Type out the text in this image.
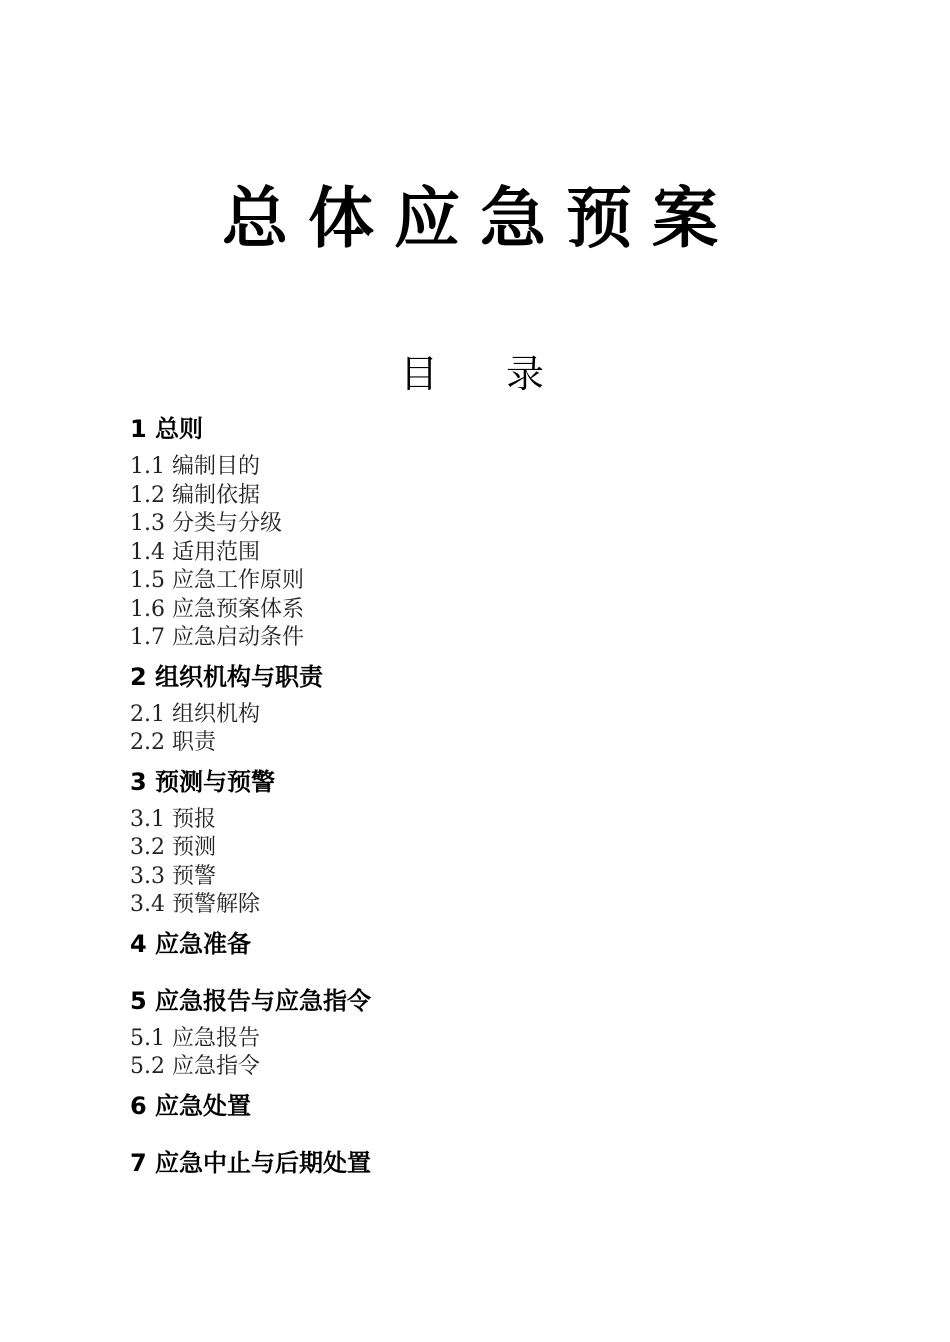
总体应急预案
目 录
1 总则
1.1 编制目的
1.2 编制依据
1.3 分类与分级
1.4 适用范围
1.5 应急工作原则
1.6 应急预案体系
1.7 应急启动条件
2 组织机构与职责
2.1 组织机构
2.2 职责
3 预测与预警
3.1 预报
3.2 预测
3.3 预警
3.4 预警解除
4 应急准备
5 应急报告与应急指令
5.1 应急报告
5.2 应急指令
6 应急处置
7 应急中止与后期处置
